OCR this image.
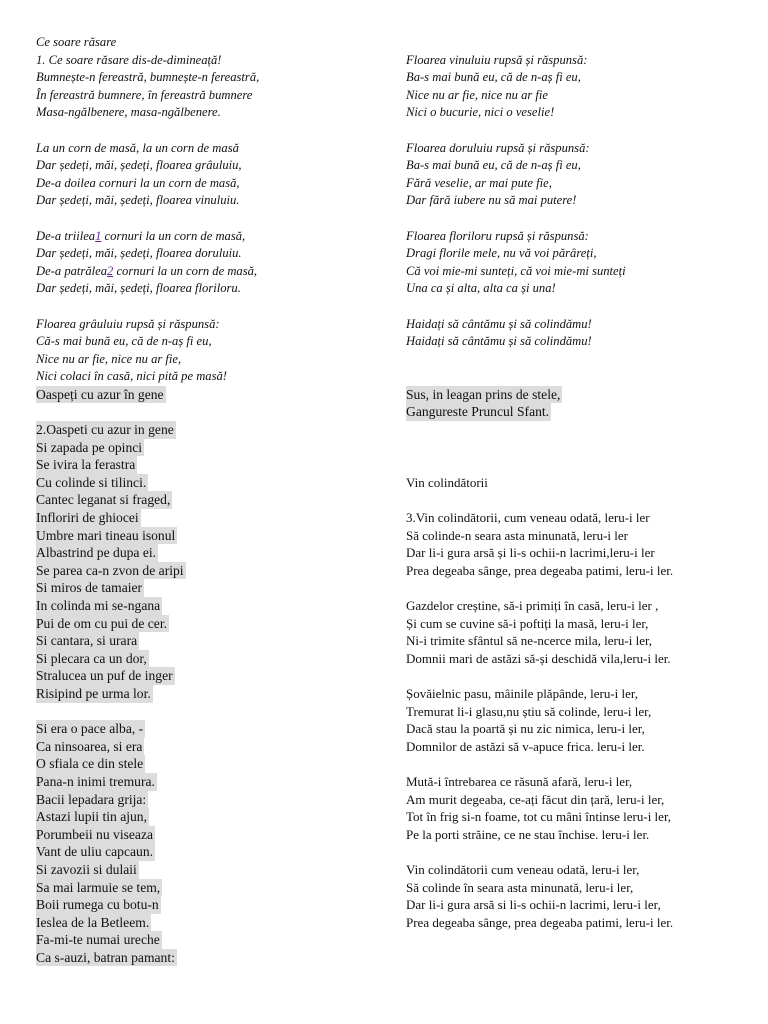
Ce soare răsare
1. Ce soare răsare dis-de-dimineață!
Bumnește-n fereastră, bumnește-n fereastră,
În fereastră bumnere, în fereastră bumnere
Masa-ngălbenere, masa-ngălbenere.
La un corn de masă, la un corn de masă
Dar ședeți, măi, ședeți, floarea grâuluiu,
De-a doilea cornuri la un corn de masă,
Dar ședeți, măi, ședeți, floarea vinuluiu.
De-a triilea1 cornuri la un corn de masă,
Dar ședeți, măi, ședeți, floarea doruluiu.
De-a patrălea2 cornuri la un corn de masă,
Dar ședeți, măi, ședeți, floarea floriloru.
Floarea grâuluiu rupsă și răspunsă:
Că-s mai bună eu, că de n-aș fi eu,
Nice nu ar fie, nice nu ar fie,
Nici colaci în casă, nici pită pe masă!
Oaspeți cu azur în gene
2.Oaspeti cu azur in gene
Si zapada pe opinci
Se ivira la ferastra
Cu colinde si tilinci.
Cantec leganat si fraged,
Infloriri de ghiocei
Umbre mari tineau isonul
Albastrind pe dupa ei.
Se parea ca-n zvon de aripi
Si miros de tamaier
In colinda mi se-ngana
Pui de om cu pui de cer.
Si cantara, si urara
Si plecara ca un dor,
Stralucea un puf de inger
Risipind pe urma lor.
Si era o pace alba, -
Ca ninsoarea, si era
O sfiala ce din stele
Pana-n inimi tremura.
Bacii lepadara grija:
Astazi lupii tin ajun,
Porumbeii nu viseaza
Vant de uliu capcaun.
Si zavozii si dulaii
Sa mai larmuie se tem,
Boii rumega cu botu-n
Ieslea de la Betleem.
Fa-mi-te numai ureche
Ca s-auzi, batran pamant:
Floarea vinuluiu rupsă și răspunsă:
Ba-s mai bună eu, că de n-aș fi eu,
Nice nu ar fie, nice nu ar fie
Nici o bucurie, nici o veselie!
Floarea doruluiu rupsă și răspunsă:
Ba-s mai bună eu, că de n-aș fi eu,
Fără veselie, ar mai pute fie,
Dar fără iubere nu să mai putere!
Floarea floriloru rupsă și răspunsă:
Dragi florile mele, nu vă voi părâreți,
Că voi mie-mi sunteți, că voi mie-mi sunteți
Una ca și alta, alta ca și una!
Haidați să cântămu și să colindămu!
Haidați să cântămu și să colindămu!
Sus, in leagan prins de stele,
Gangureste Pruncul Sfant.
Vin colindătorii
3.Vin colindătorii, cum veneau odată, leru-i ler
Să colinde-n seara asta minunată, leru-i ler
Dar li-i gura arsă și li-s ochii-n lacrimi,leru-i ler
Prea degeaba sânge, prea degeaba patimi, leru-i ler.
Gazdelor creștine, să-i primiți în casă, leru-i ler ,
Și cum se cuvine să-i poftiți la masă, leru-i ler,
Ni-i trimite sfântul să ne-ncerce mila, leru-i ler,
Domnii mari de astăzi să-și deschidă vila,leru-i ler.
Șovăielnic pasu, mâinile plăpânde, leru-i ler,
Tremurat li-i glasu,nu știu să colinde, leru-i ler,
Dacă stau la poartă și nu zic nimica, leru-i ler,
Domnilor de astăzi să v-apuce frica. leru-i ler.
Mută-i întrebarea ce răsună afară, leru-i ler,
Am murit degeaba, ce-ați făcut din țară, leru-i ler,
Tot în frig si-n foame, tot cu mâni întinse leru-i ler,
Pe la porti străine, ce ne stau închise. leru-i ler.
Vin colindătorii cum veneau odată, leru-i ler,
Să colinde în seara asta minunată, leru-i ler,
Dar li-i gura arsă si li-s ochii-n lacrimi, leru-i ler,
Prea degeaba sânge, prea degeaba patimi, leru-i ler.
